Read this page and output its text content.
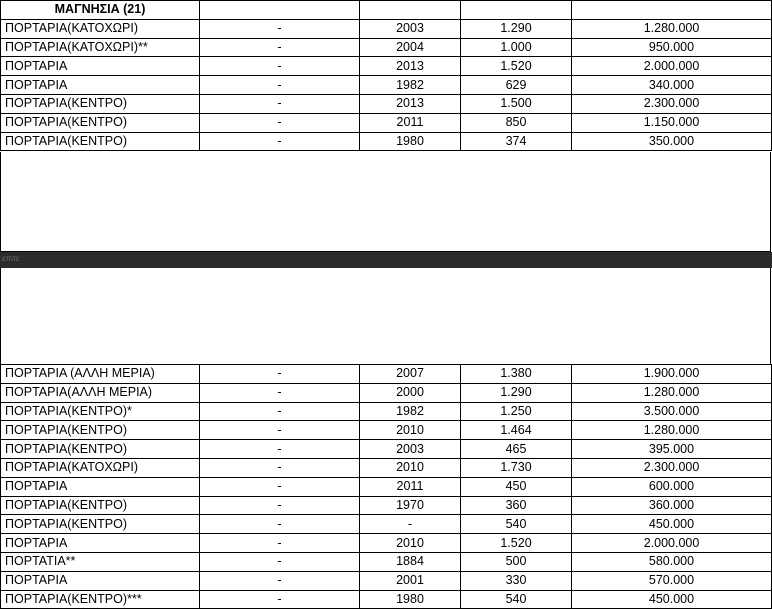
ΜΑΓΝΗΣΙΑ (21)				
ΠΟΡΤΑΡΙΑ(ΚΑΤΟΧΩΡΙ)	-	2003	1.290	1.280.000
ΠΟΡΤΑΡΙΑ(ΚΑΤΟΧΩΡΙ)**	-	2004	1.000	950.000
ΠΟΡΤΑΡΙΑ	-	2013	1.520	2.000.000
ΠΟΡΤΑΡΙΑ	-	1982	629	340.000
ΠΟΡΤΑΡΙΑ(ΚΕΝΤΡΟ)	-	2013	1.500	2.300.000
ΠΟΡΤΑΡΙΑ(ΚΕΝΤΡΟ)	-	2011	850	1.150.000
ΠΟΡΤΑΡΙΑ(ΚΕΝΤΡΟ)	-	1980	374	350.000
επιτε
ΠΟΡΤΑΡΙΑ (ΑΛΛΗ ΜΕΡΙΑ)	-	2007	1.380	1.900.000
ΠΟΡΤΑΡΙΑ(ΑΛΛΗ ΜΕΡΙΑ)	-	2000	1.290	1.280.000
ΠΟΡΤΑΡΙΑ(ΚΕΝΤΡΟ)*	-	1982	1.250	3.500.000
ΠΟΡΤΑΡΙΑ(ΚΕΝΤΡΟ)	-	2010	1.464	1.280.000
ΠΟΡΤΑΡΙΑ(ΚΕΝΤΡΟ)	-	2003	465	395.000
ΠΟΡΤΑΡΙΑ(ΚΑΤΟΧΩΡΙ)	-	2010	1.730	2.300.000
ΠΟΡΤΑΡΙΑ	-	2011	450	600.000
ΠΟΡΤΑΡΙΑ(ΚΕΝΤΡΟ)	-	1970	360	360.000
ΠΟΡΤΑΡΙΑ(ΚΕΝΤΡΟ)	-	-	540	450.000
ΠΟΡΤΑΡΙΑ	-	2010	1.520	2.000.000
ΠΟΡΤΑΤΙΑ**	-	1884	500	580.000
ΠΟΡΤΑΡΙΑ	-	2001	330	570.000
ΠΟΡΤΑΡΙΑ(ΚΕΝΤΡΟ)***	-	1980	540	450.000
